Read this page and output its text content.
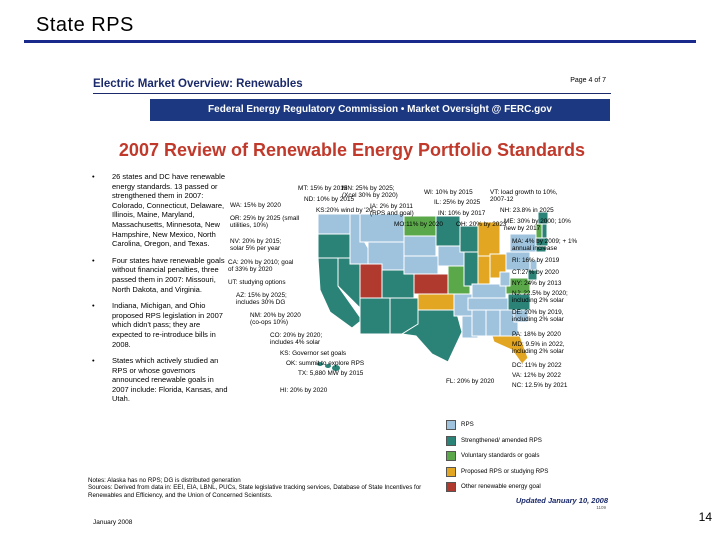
State RPS
Electric Market Overview: Renewables	Page 4 of 7
Federal Energy Regulatory Commission • Market Oversight @ FERC.gov
2007 Review of Renewable Energy Portfolio Standards
• 26 states and DC have renewable energy standards. 13 passed or strengthened them in 2007: Colorado, Connecticut, Delaware, Illinois, Maine, Maryland, Massachusetts, Minnesota, New Hampshire, New Mexico, North Carolina, Oregon, and Texas.
• Four states have renewable goals without financial penalties, three passed them in 2007: Missouri, North Dakota, and Virginia.
• Indiana, Michigan, and Ohio proposed RPS legislation in 2007 which didn't pass; they are expected to re-introduce bills in 2008.
• States which actively studied an RPS or whose governors announced renewable goals in 2007 include: Florida, Kansas, and Utah.
MT: 15% by 2015
MN: 25% by 2025; (Xcel 30% by 2020)	WI: 10% by 2015	VT: load growth to 10%, 2007-12
ND: 10% by 2015
IA: 2% by 2011 (RPS and goal)
IL: 25% by 2025
NH: 23.8% in 2025
WA: 15% by 2020
KS:20% wind by '20	IN: 10% by 2017
ME: 30% by 2000; 10% new by 2017
OR: 25% by 2025 (small utilities, 10%)	MO:11% by 2020 OH: 20% by 2023
MA: 4% by 2009; + 1% annual increase
NV: 20% by 2015; solar 5% per year
RI: 16% by 2019
CA: 20% by 2010; goal of 33% by 2020	CT:27% by 2020
UT: studying options	NY: 24% by 2013
AZ: 15% by 2025; includes 30% DG
NJ: 22.5% by 2020; including 2% solar
NM: 20% by 2020 (co-ops 10%)
DE: 20% by 2019, including 2% solar
CO: 20% by 2020; includes 4% solar
PA: 18% by 2020
KS: Governor set goals
MD: 9.5% in 2022, including 2% solar
OK: summit to explore RPS	DC: 11% by 2022
TX: 5,880 MW by 2015	VA: 12% by 2022
FL: 20% by 2020
NC: 12.5% by 2021
HI: 20% by 2020
RPS
Strengthened/ amended RPS
Voluntary standards or goals
Proposed RPS or studying RPS
Other renewable energy goal
Notes: Alaska has no RPS; DG is distributed generation
Sources: Derived from data in: EEI, EIA, LBNL, PUCs, State legislative tracking services, Database of State Incentives for Renewables and Efficiency, and the Union of Concerned Scientists.
Updated January 10, 2008
1109
January 2008	14
